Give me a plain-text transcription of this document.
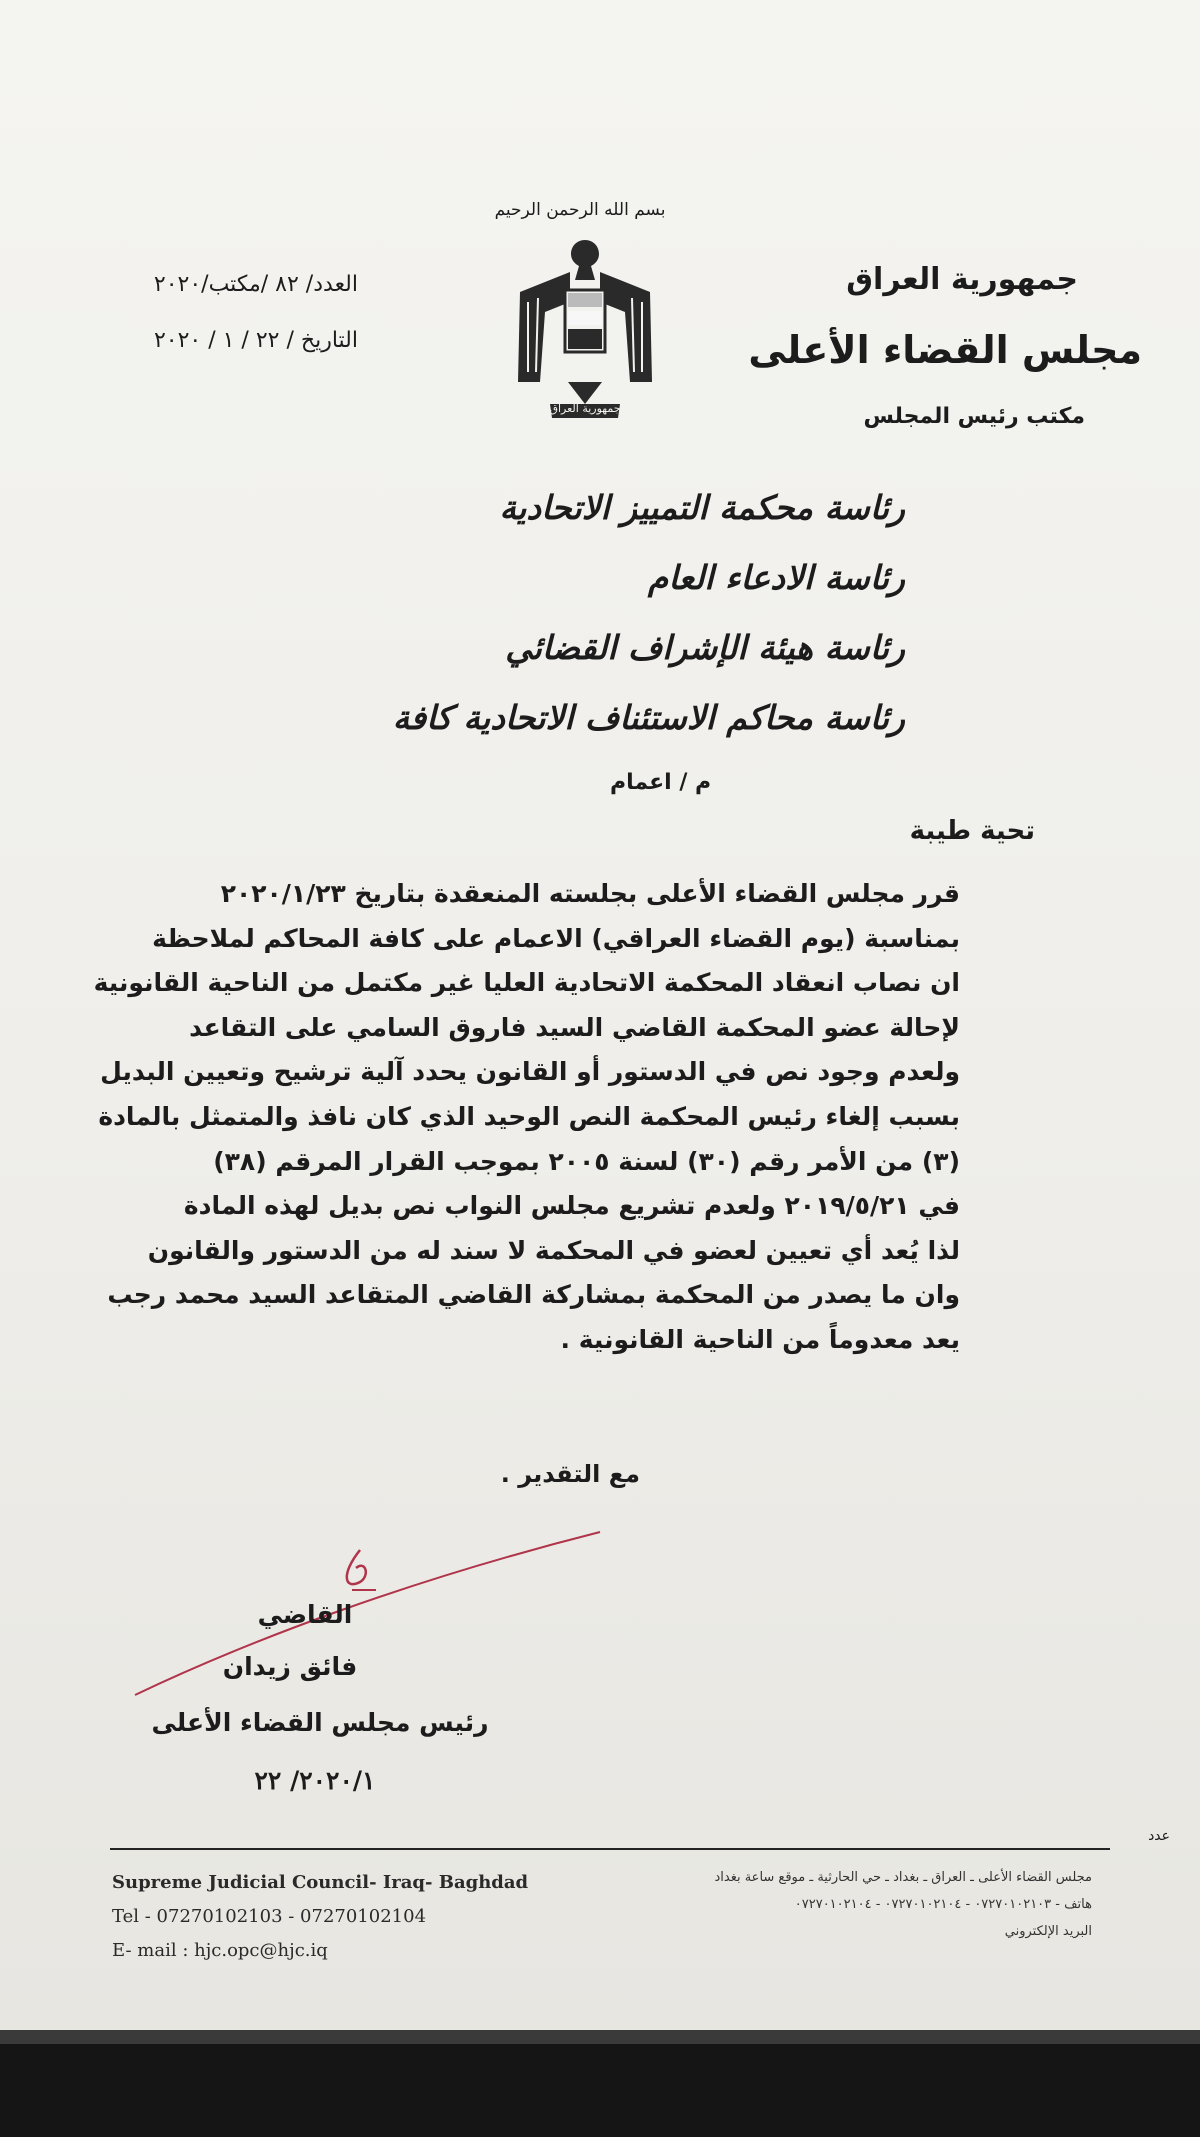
بسم الله الرحمن الرحيم
جمهورية العراق
جمهورية العراق
مجلس القضاء الأعلى
مكتب رئيس المجلس
العدد/ ٨٢ /مكتب/٢٠٢٠
التاريخ / ٢٢ / ١ / ٢٠٢٠
رئاسة محكمة التمييز الاتحادية
رئاسة الادعاء العام
رئاسة هيئة الإشراف القضائي
رئاسة محاكم الاستئناف الاتحادية كافة
م / اعمام
تحية طيبة
قرر مجلس القضاء الأعلى بجلسته المنعقدة بتاريخ ٢٠٢٠/١/٢٣
بمناسبة (يوم القضاء العراقي) الاعمام على كافة المحاكم لملاحظة
ان نصاب انعقاد المحكمة الاتحادية العليا غير مكتمل من الناحية القانونية
لإحالة عضو المحكمة القاضي السيد فاروق السامي على التقاعد
ولعدم وجود نص في الدستور أو القانون يحدد آلية ترشيح وتعيين البديل
بسبب إلغاء رئيس المحكمة النص الوحيد الذي كان نافذ والمتمثل بالمادة
(٣) من الأمر رقم (٣٠) لسنة ٢٠٠٥ بموجب القرار المرقم (٣٨)
في ٢٠١٩/٥/٢١ ولعدم تشريع مجلس النواب نص بديل لهذه المادة
لذا يُعد أي تعيين لعضو في المحكمة لا سند له من الدستور والقانون
وان ما يصدر من المحكمة بمشاركة القاضي المتقاعد السيد محمد رجب
يعد معدوماً من الناحية القانونية .
مع التقدير .
القاضي
فائق زيدان
رئيس مجلس القضاء الأعلى
٢٠٢٠/١/ ٢٢
عدد
Supreme Judicial Council- Iraq- Baghdad
Tel - 07270102103 - 07270102104
E- mail : hjc.opc@hjc.iq
مجلس القضاء الأعلى ـ العراق ـ بغداد ـ حي الحارثية ـ موقع ساعة بغداد
هاتف - ٠٧٢٧٠١٠٢١٠٣ - ٠٧٢٧٠١٠٢١٠٤ - ٠٧٢٧٠١٠٢١٠٤
البريد الإلكتروني
